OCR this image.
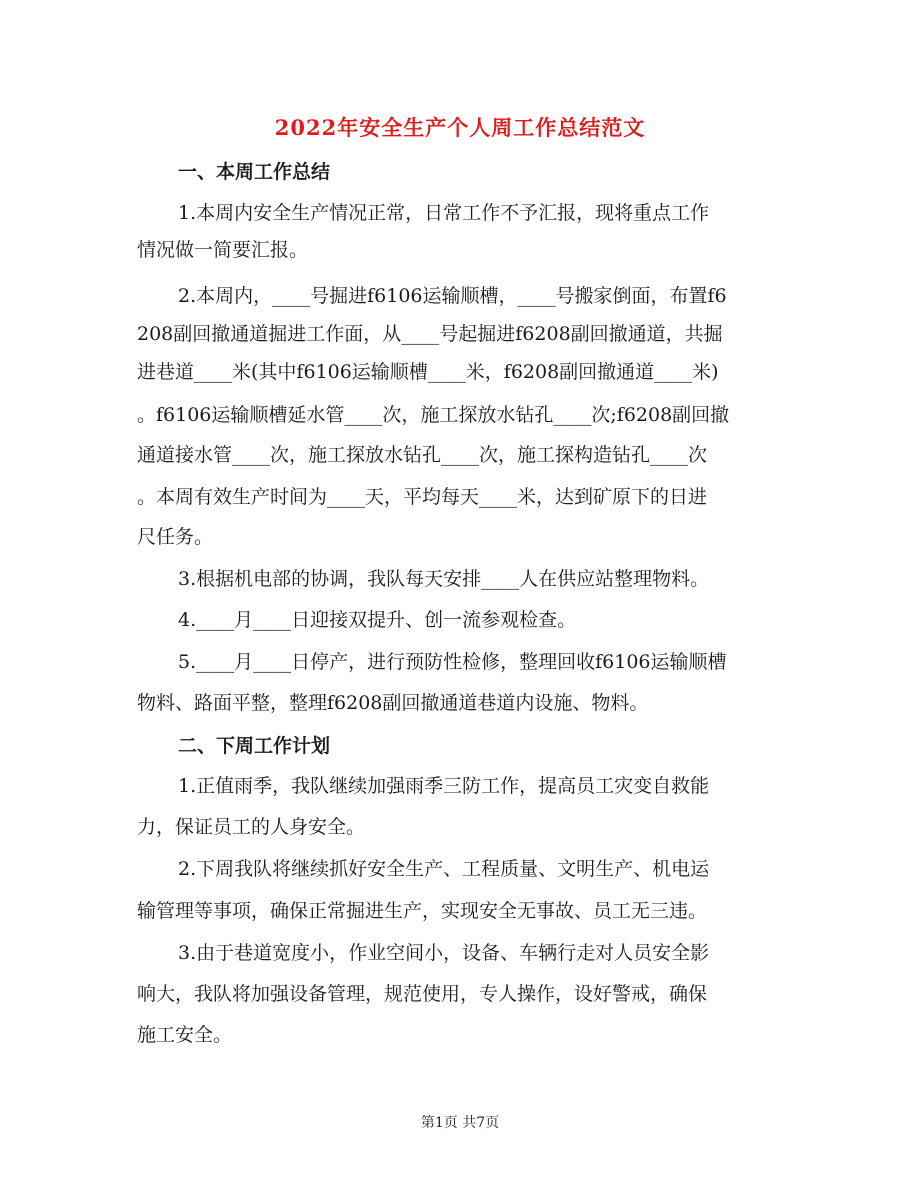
2022年安全生产个人周工作总结范文
一、本周工作总结
1.本周内安全生产情况正常，日常工作不予汇报，现将重点工作
情况做一简要汇报。
2.本周内，____号掘进f6106运输顺槽，____号搬家倒面，布置f6
208副回撤通道掘进工作面，从____号起掘进f6208副回撤通道，共掘
进巷道____米(其中f6106运输顺槽____米，f6208副回撤通道____米)
。f6106运输顺槽延水管____次，施工探放水钻孔____次;f6208副回撤
通道接水管____次，施工探放水钻孔____次，施工探构造钻孔____次
。本周有效生产时间为____天，平均每天____米，达到矿原下的日进
尺任务。
3.根据机电部的协调，我队每天安排____人在供应站整理物料。
4.____月____日迎接双提升、创一流参观检查。
5.____月____日停产，进行预防性检修，整理回收f6106运输顺槽
物料、路面平整，整理f6208副回撤通道巷道内设施、物料。
二、下周工作计划
1.正值雨季，我队继续加强雨季三防工作，提高员工灾变自救能
力，保证员工的人身安全。
2.下周我队将继续抓好安全生产、工程质量、文明生产、机电运
输管理等事项，确保正常掘进生产，实现安全无事故、员工无三违。
3.由于巷道宽度小，作业空间小，设备、车辆行走对人员安全影
响大，我队将加强设备管理，规范使用，专人操作，设好警戒，确保
施工安全。
第1页 共7页
